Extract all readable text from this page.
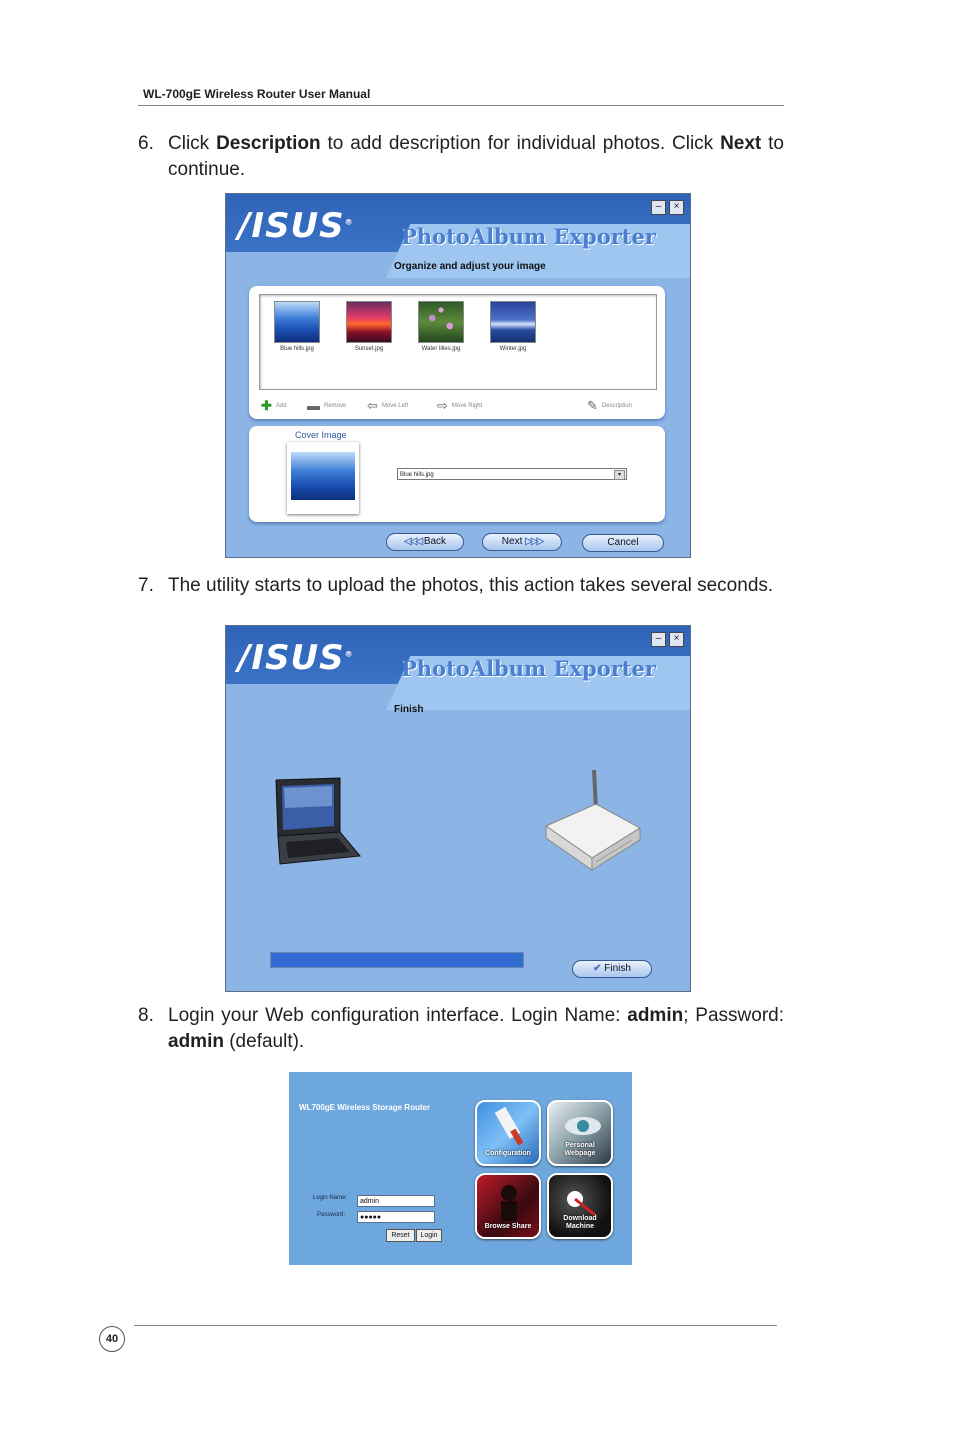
WL-700gE Wireless Router User Manual
6. Click Description to add description for individual photos. Click Next to continue.
/ISUS®
PhotoAlbum Exporter
–	×
Organize and adjust your image
Blue hills.jpg	Sunset.jpg	Water lilies.jpg	Winter.jpg
✚ Add ▬ Remove ⇦ Move Left ⇨ Move Right	✎ Description
Cover Image
Blue hills.jpg	▾
◁◁◁ Back	Next ▷▷▷	Cancel
7. The utility starts to upload the photos, this action takes several seconds.
/ISUS®
PhotoAlbum Exporter
–	×
Finish
✔ Finish
8. Login your Web configuration interface. Login Name: admin; Password: admin (default).
WL700gE Wireless Storage Router
Login Name:	admin
Password:	●●●●●
Reset	Login
Configuration
Personal Webpage
Browse Share
Download Machine
40
